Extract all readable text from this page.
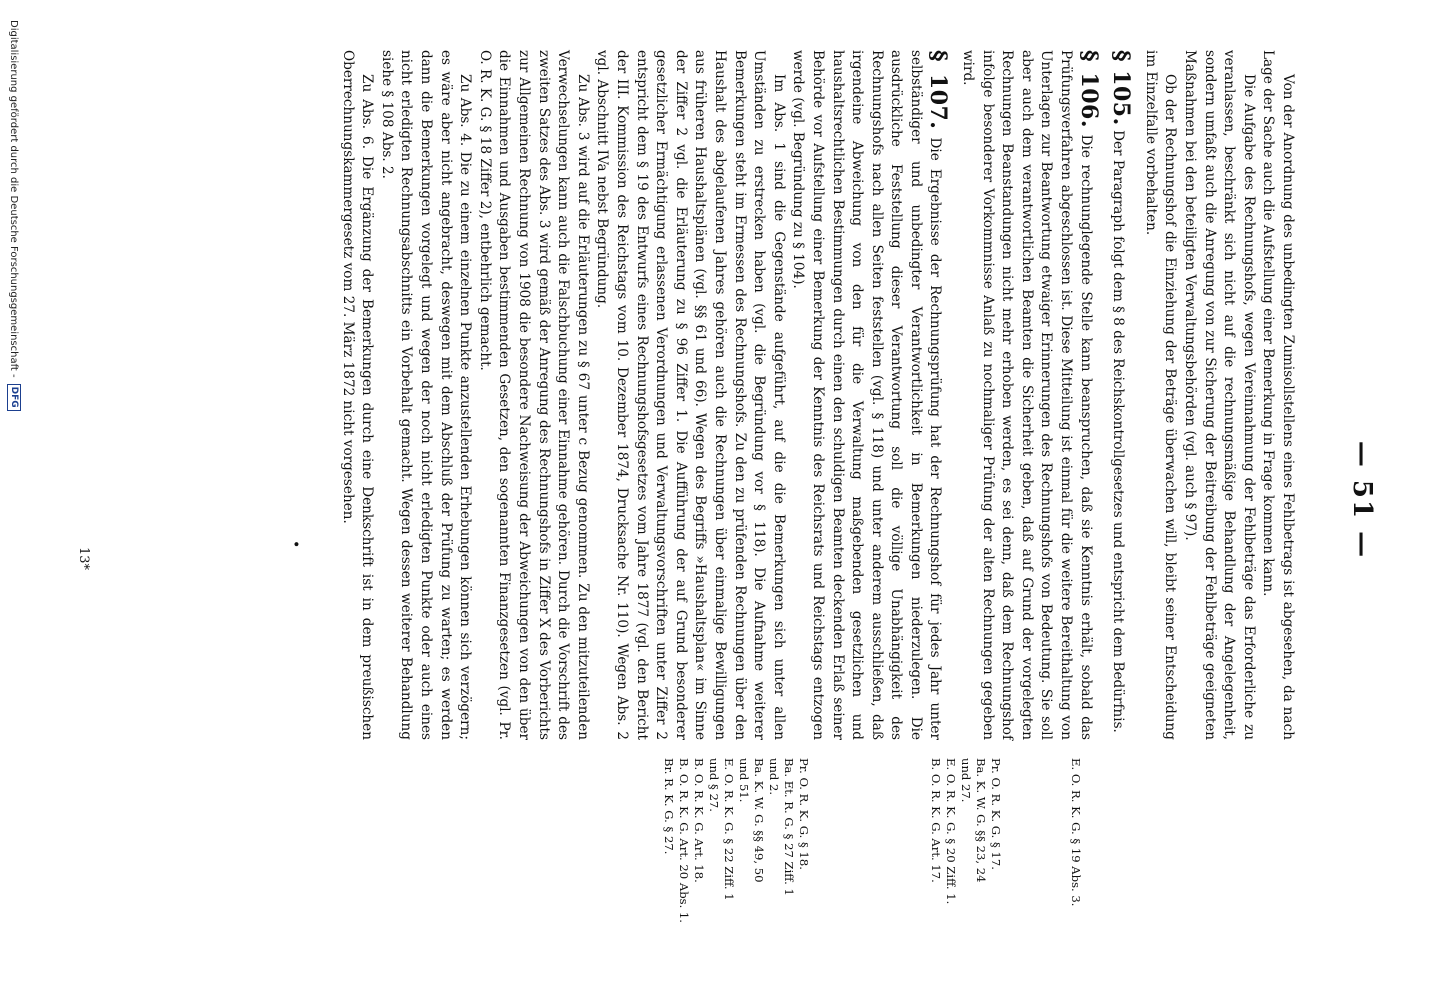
— 51 —

Von der Anordnung des unbedingten Zumisollstellens eines Fehlbetrags ist abgesehen, da nach Lage der Sache auch die Aufstellung einer Bemerkung in Frage kommen kann.

Die Aufgabe des Rechnungshofs, wegen Vereinnahmung der Fehlbeträge das Erforderliche zu veranlassen, beschränkt sich nicht auf die rechnungsmäßige Behandlung der Angelegenheit, sondern umfaßt auch die Anregung von zur Sicherung der Beitreibung der Fehlbeträge geeigneten Maßnahmen bei den beteiligten Verwaltungsbehörden (vgl. auch § 97).

Ob der Rechnungshof die Einziehung der Beträge überwachen will, bleibt seiner Entscheidung im Einzelfalle vorbehalten.

§ 105. Der Paragraph folgt dem § 8 des Reichskontrollgesetzes und entspricht dem Bedürfnis.

§ 106. Die rechnunglegende Stelle kann beanspruchen, daß sie Kenntnis erhält, sobald das Prüfungsverfahren abgeschlossen ist. Diese Mitteilung ist einmal für die weitere Bereithaltung von Unterlagen zur Beantwortung etwaiger Erinnerungen des Rechnungshofs von Bedeutung. Sie soll aber auch dem verantwortlichen Beamten die Sicherheit geben, daß auf Grund der vorgelegten Rechnungen Beanstandungen nicht mehr erhoben werden, es sei denn, daß dem Rechnungshof infolge besonderer Vorkommnisse Anlaß zu nochmaliger Prüfung der alten Rechnungen gegeben wird.

§ 107. Die Ergebnisse der Rechnungsprüfung hat der Rechnungshof für jedes Jahr unter selbständiger und unbedingter Verantwortlichkeit in Bemerkungen niederzulegen. Die ausdrückliche Feststellung dieser Verantwortung soll die völlige Unabhängigkeit des Rechnungshofs nach allen Seiten feststellen (vgl. § 118) und unter anderem ausschließen, daß irgendeine Abweichung von den für die Verwaltung maßgebenden gesetzlichen und haushaltsrechtlichen Bestimmungen durch einen den schuldigen Beamten deckenden Erlaß seiner Behörde vor Aufstellung einer Bemerkung der Kenntnis des Reichsrats und Reichstags entzogen werde (vgl. Begründung zu § 104).

Im Abs. 1 sind die Gegenstände aufgeführt, auf die die Bemerkungen sich unter allen Umständen zu erstrecken haben (vgl. die Begründung vor § 118). Die Aufnahme weiterer Bemerkungen steht im Ermessen des Rechnungshofs. Zu den zu prüfenden Rechnungen über den Haushalt des abgelaufenen Jahres gehören auch die Rechnungen über einmalige Bewilligungen aus früheren Haushaltsplänen (vgl. §§ 61 und 66). Wegen des Begriffs »Haushaltsplan« im Sinne der Ziffer 2 vgl. die Erläuterung zu § 96 Ziffer 1. Die Aufführung der auf Grund besonderer gesetzlicher Ermächtigung erlassenen Verordnungen und Verwaltungsvorschriften unter Ziffer 2 entspricht dem § 19 des Entwurfs eines Rechnungshofsgesetzes vom Jahre 1877 (vgl. den Bericht der III. Kommission des Reichstags vom 10. Dezember 1874, Drucksache Nr. 110). Wegen Abs. 2 vgl. Abschnitt IVa nebst Begründung.

Zu Abs. 3 wird auf die Erläuterungen zu § 67 unter c Bezug genommen. Zu den mitzuteilenden Verwechselungen kann auch die Falschbuchung einer Einnahme gehören. Durch die Vorschrift des zweiten Satzes des Abs. 3 wird gemäß der Anregung des Rechnungshofs in Ziffer X des Vorberichts zur Allgemeinen Rechnung von 1908 die besondere Nachweisung der Abweichungen von den über die Einnahmen und Ausgaben bestimmenden Gesetzen, den sogenannten Finanzgesetzen (vgl. Pr. O. R. K. G. § 18 Ziffer 2), entbehrlich gemacht.

Zu Abs. 4. Die zu einem einzelnen Punkte anzustellenden Erhebungen können sich verzögern; es wäre aber nicht angebracht, deswegen mit dem Abschluß der Prüfung zu warten; es werden dann die Bemerkungen vorgelegt und wegen der noch nicht erledigten Punkte oder auch eines nicht erledigten Rechnungsabschnitts ein Vorbehalt gemacht. Wegen dessen weiterer Behandlung siehe § 108 Abs. 2.

Zu Abs. 6. Die Ergänzung der Bemerkungen durch eine Denkschrift ist in dem preußischen Oberrechnungskammergesetz vom 27. März 1872 nicht vorgesehen.

E. O. R. K. G. § 19 Abs. 3.
Pr. O. R. K. G. § 17.
Ba. K. W. G. §§ 23, 24
und 27.
E. O. R. K. G. § 20 Ziff. 1.
B. O. R. K. G. Art. 17.
Pr. O. R. K. G. § 18.
Ba. Et. R. G. § 27 Ziff. 1
und 2.
Ba. K. W. G. §§ 49, 50
und 51.
E. O. R. K. G. § 22 Ziff. 1
und § 27.
B. O. R. K. G. Art. 18.
B. O. R. K. G. Art. 20 Abs. 1.
Br. R. K. G. § 27.
•
13*
Digitalisierung gefördert durch die Deutsche Forschungsgemeinschaft -DFG
